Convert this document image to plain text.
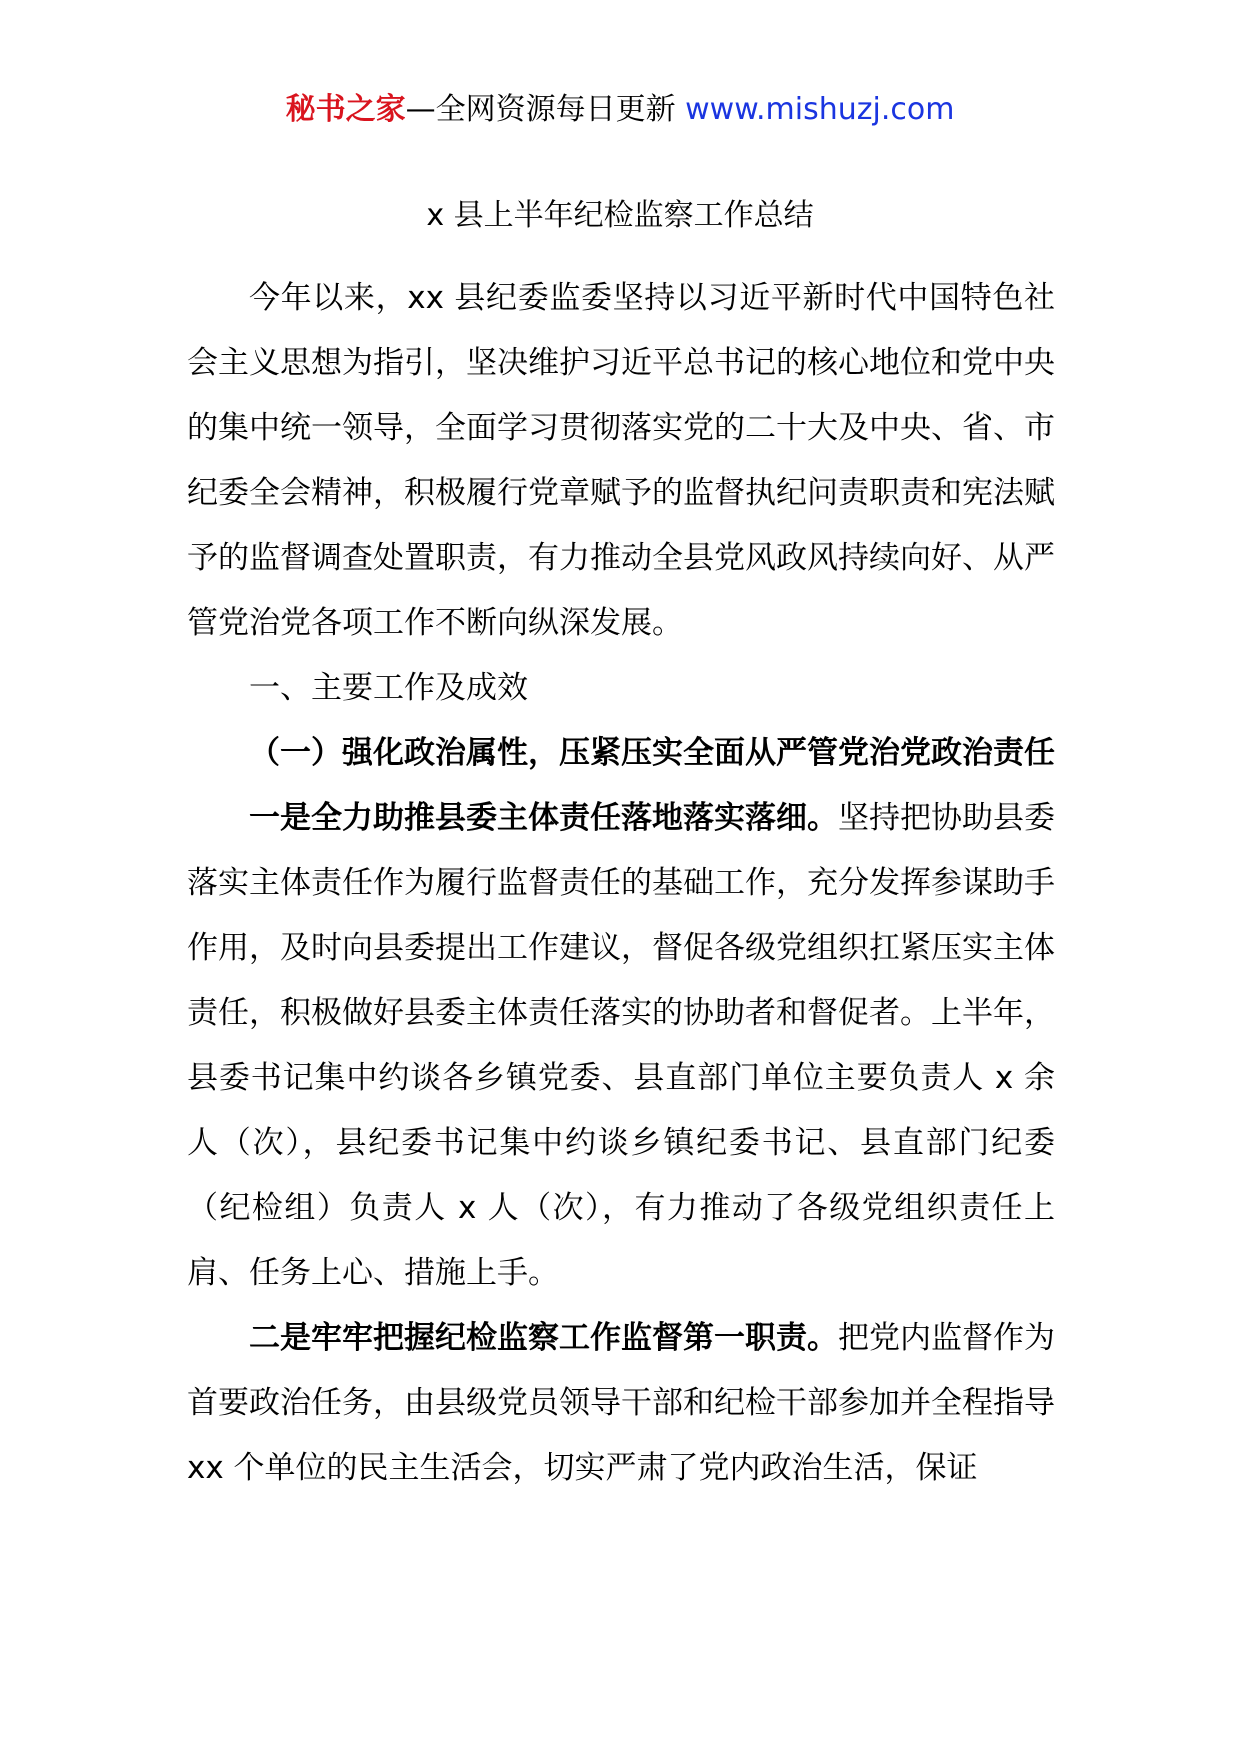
秘书之家—全网资源每日更新 www.mishuzj.com
x 县上半年纪检监察工作总结

今年以来，xx 县纪委监委坚持以习近平新时代中国特色社会主义思想为指引，坚决维护习近平总书记的核心地位和党中央的集中统一领导，全面学习贯彻落实党的二十大及中央、省、市纪委全会精神，积极履行党章赋予的监督执纪问责职责和宪法赋予的监督调查处置职责，有力推动全县党风政风持续向好、从严管党治党各项工作不断向纵深发展。

一、主要工作及成效

（一）强化政治属性，压紧压实全面从严管党治党政治责任

一是全力助推县委主体责任落地落实落细。坚持把协助县委落实主体责任作为履行监督责任的基础工作，充分发挥参谋助手作用，及时向县委提出工作建议，督促各级党组织扛紧压实主体责任，积极做好县委主体责任落实的协助者和督促者。上半年，县委书记集中约谈各乡镇党委、县直部门单位主要负责人 x 余人（次），县纪委书记集中约谈乡镇纪委书记、县直部门纪委（纪检组）负责人 x 人（次），有力推动了各级党组织责任上肩、任务上心、措施上手。

二是牢牢把握纪检监察工作监督第一职责。把党内监督作为首要政治任务，由县级党员领导干部和纪检干部参加并全程指导 xx 个单位的民主生活会，切实严肃了党内政治生活，保证
